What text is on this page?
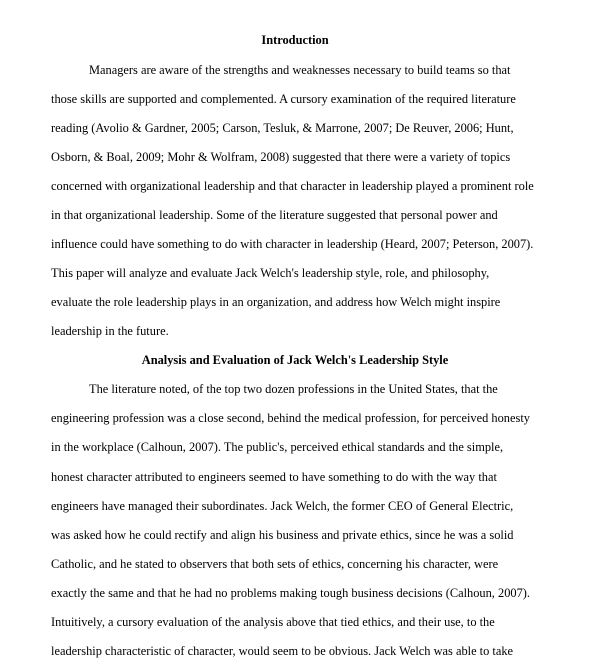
Introduction
Managers are aware of the strengths and weaknesses necessary to build teams so that
those skills are supported and complemented. A cursory examination of the required literature
reading (Avolio & Gardner, 2005; Carson, Tesluk, & Marrone, 2007; De Reuver, 2006; Hunt,
Osborn, & Boal, 2009; Mohr & Wolfram, 2008) suggested that there were a variety of topics
concerned with organizational leadership and that character in leadership played a prominent role
in that organizational leadership. Some of the literature suggested that personal power and
influence could have something to do with character in leadership (Heard, 2007; Peterson, 2007).
This paper will analyze and evaluate Jack Welch's leadership style, role, and philosophy,
evaluate the role leadership plays in an organization, and address how Welch might inspire
leadership in the future.
Analysis and Evaluation of Jack Welch's Leadership Style
The literature noted, of the top two dozen professions in the United States, that the
engineering profession was a close second, behind the medical profession, for perceived honesty
in the workplace (Calhoun, 2007). The public's, perceived ethical standards and the simple,
honest character attributed to engineers seemed to have something to do with the way that
engineers have managed their subordinates. Jack Welch, the former CEO of General Electric,
was asked how he could rectify and align his business and private ethics, since he was a solid
Catholic, and he stated to observers that both sets of ethics, concerning his character, were
exactly the same and that he had no problems making tough business decisions (Calhoun, 2007).
Intuitively, a cursory evaluation of the analysis above that tied ethics, and their use, to the
leadership characteristic of character, would seem to be obvious. Jack Welch was able to take
